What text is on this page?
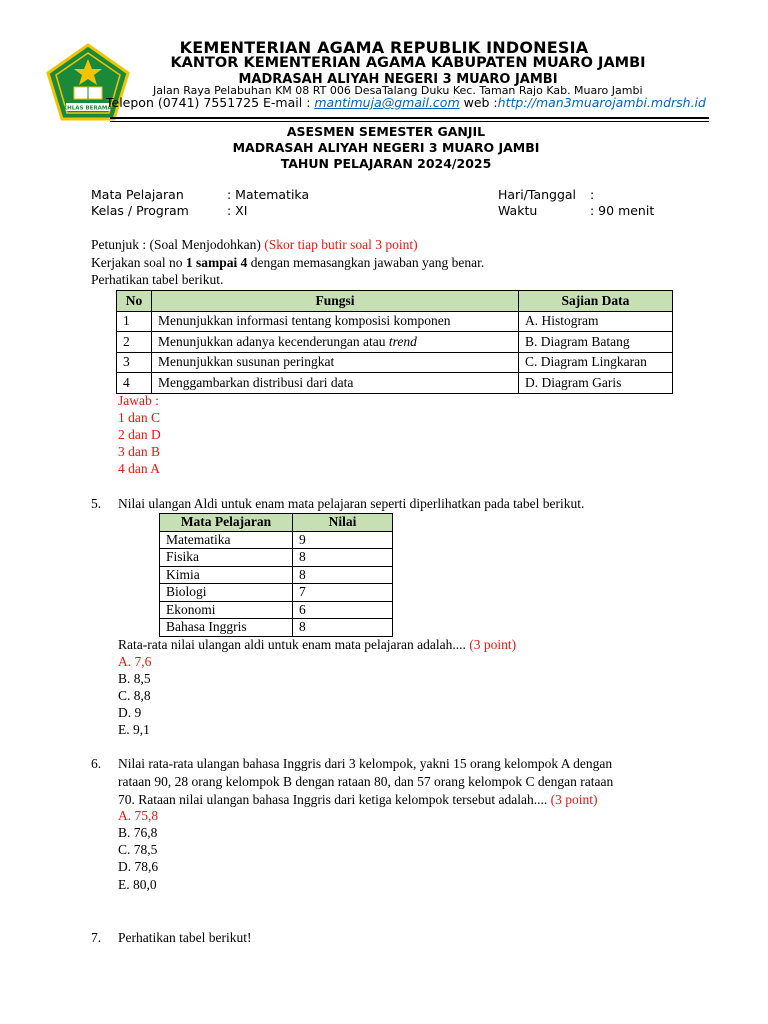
IKHLAS BERAMAL
KEMENTERIAN AGAMA REPUBLIK INDONESIA
KANTOR KEMENTERIAN AGAMA KABUPATEN MUARO JAMBI
MADRASAH ALIYAH NEGERI 3 MUARO JAMBI
Jalan Raya Pelabuhan KM 08 RT 006 DesaTalang Duku Kec. Taman Rajo Kab. Muaro Jambi
Telepon (0741) 7551725 E-mail : mantimuja@gmail.com web :http://man3muarojambi.mdrsh.id
ASESMEN SEMESTER GANJIL
MADRASAH ALIYAH NEGERI 3 MUARO JAMBI
TAHUN PELAJARAN 2024/2025
Mata Pelajaran	: Matematika
Kelas / Program	: XI
Hari/Tanggal :
Waktu	: 90 menit
Petunjuk : (Soal Menjodohkan) (Skor tiap butir soal 3 point)
Kerjakan soal no 1 sampai 4 dengan memasangkan jawaban yang benar.
Perhatikan tabel berikut.
No	Fungsi	Sajian Data
1	Menunjukkan informasi tentang komposisi komponen	A. Histogram
2	Menunjukkan adanya kecenderungan atau trend	B. Diagram Batang
3	Menunjukkan susunan peringkat	C. Diagram Lingkaran
4	Menggambarkan distribusi dari data	D. Diagram Garis
Jawab :
1 dan C
2 dan D
3 dan B
4 dan A
5. Nilai ulangan Aldi untuk enam mata pelajaran seperti diperlihatkan pada tabel berikut.
Mata Pelajaran	Nilai
Matematika	9
Fisika	8
Kimia	8
Biologi	7
Ekonomi	6
Bahasa Inggris	8
Rata-rata nilai ulangan aldi untuk enam mata pelajaran adalah.... (3 point)
A. 7,6
B. 8,5
C. 8,8
D. 9
E. 9,1
6. Nilai rata-rata ulangan bahasa Inggris dari 3 kelompok, yakni 15 orang kelompok A dengan
rataan 90, 28 orang kelompok B dengan rataan 80, dan 57 orang kelompok C dengan rataan
70. Rataan nilai ulangan bahasa Inggris dari ketiga kelompok tersebut adalah.... (3 point)
A. 75,8
B. 76,8
C. 78,5
D. 78,6
E. 80,0
7. Perhatikan tabel berikut!
